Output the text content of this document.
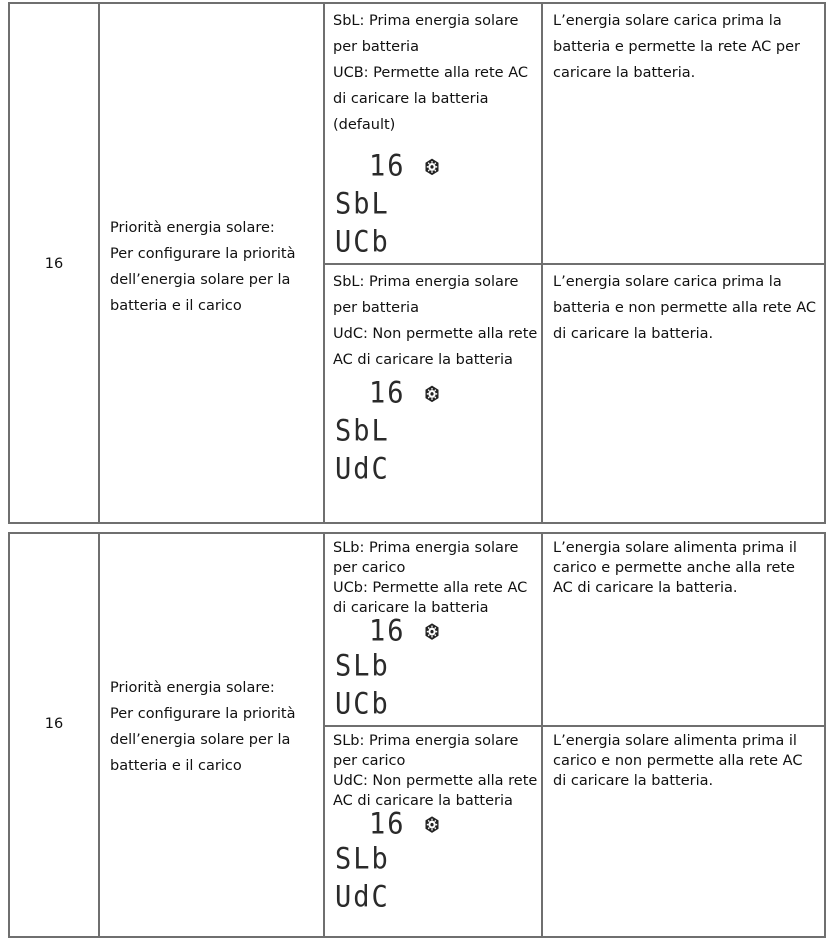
16
Priorità energia solare:
Per configurare la priorità dell’energia solare per la batteria e il carico
SbL: Prima energia solare per batteria
UCB: Permette alla rete AC di caricare la batteria
(default)
16
SbL
UCb
L’energia solare carica prima la batteria e permette la rete AC per caricare la batteria.
SbL: Prima energia solare per batteria
UdC: Non permette alla rete AC di caricare la batteria
16
SbL
UdC
L’energia solare carica prima la batteria e non permette alla rete AC di caricare la batteria.
16
Priorità energia solare:
Per configurare la priorità dell’energia solare per la batteria e il carico
SLb: Prima energia solare per carico
UCb: Permette alla rete AC di caricare la batteria
16
SLb
UCb
L’energia solare alimenta prima il carico e permette anche alla rete AC di caricare la batteria.
SLb: Prima energia solare per carico
UdC: Non permette alla rete AC di caricare la batteria
16
SLb
UdC
L’energia solare alimenta prima il carico e non permette alla rete AC di caricare la batteria.
